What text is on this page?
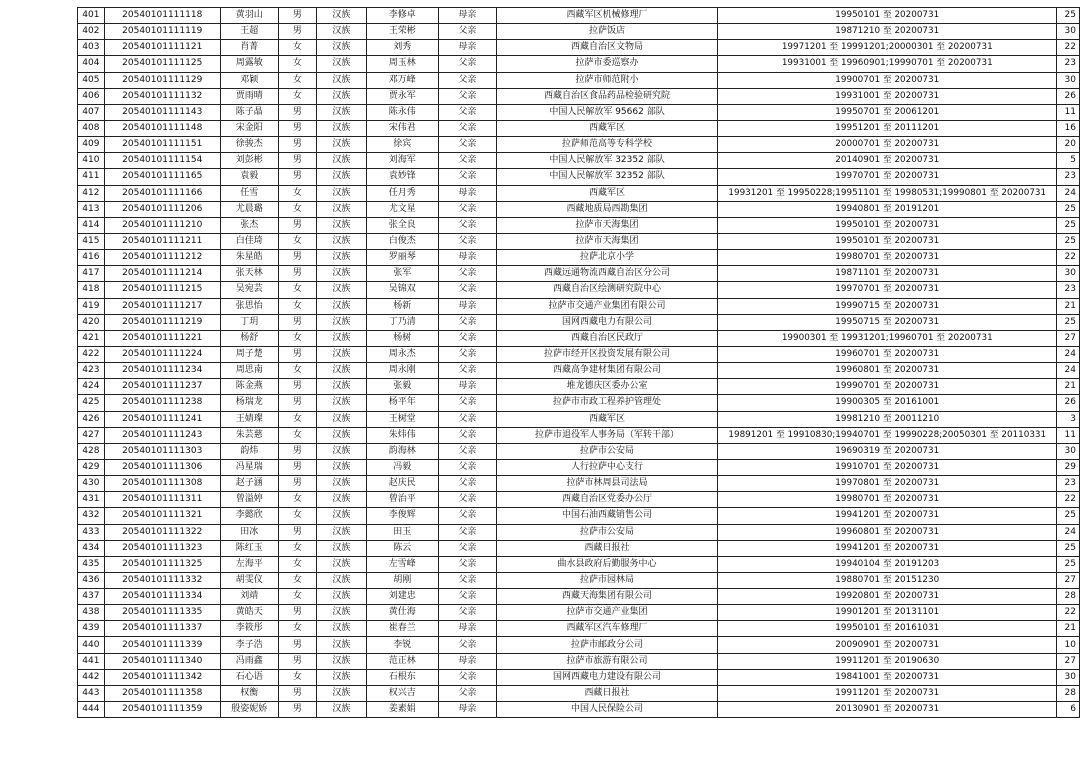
401	20540101111118	黄羽山	男	汉族	李修卓	母亲	西藏军区机械修理厂	19950101 至 20200731	25
402	20540101111119	王超	男	汉族	王荣彬	父亲	拉萨饭店	19871210 至 20200731	30
403	20540101111121	肖菁	女	汉族	刘秀	母亲	西藏自治区文物局	19971201 至 19991201;20000301 至 20200731	22
404	20540101111125	周露敏	女	汉族	周玉林	父亲	拉萨市委巡察办	19931001 至 19960901;19990701 至 20200731	23
405	20540101111129	邓颖	女	汉族	邓万峰	父亲	拉萨市师范附小	19900701 至 20200731	30
406	20540101111132	贾雨晴	女	汉族	贾永军	父亲	西藏自治区食品药品检验研究院	19931001 至 20200731	26
407	20540101111143	陈子晶	男	汉族	陈永伟	父亲	中国人民解放军 95662 部队	19950701 至 20061201	11
408	20540101111148	宋金阳	男	汉族	宋伟君	父亲	西藏军区	19951201 至 20111201	16
409	20540101111151	徐骏杰	男	汉族	徐宾	父亲	拉萨师范高等专科学校	20000701 至 20200731	20
410	20540101111154	刘彭彬	男	汉族	刘海军	父亲	中国人民解放军 32352 部队	20140901 至 20200731	5
411	20540101111165	袁毅	男	汉族	袁妙锋	父亲	中国人民解放军 32352 部队	19970701 至 20200731	23
412	20540101111166	任雪	女	汉族	任月秀	母亲	西藏军区	19931201 至 19950228;19951101 至 19980531;19990801 至 20200731	24
413	20540101111206	尤晨璐	女	汉族	尤文星	父亲	西藏地质局西勘集团	19940801 至 20191201	25
414	20540101111210	张杰	男	汉族	张全良	父亲	拉萨市天海集团	19950101 至 20200731	25
415	20540101111211	白佳琦	女	汉族	白俊杰	父亲	拉萨市天海集团	19950101 至 20200731	25
416	20540101111212	朱星皓	男	汉族	罗丽琴	母亲	拉萨北京小学	19980701 至 20200731	22
417	20540101111214	张天林	男	汉族	张军	父亲	西藏远通物流西藏自治区分公司	19871101 至 20200731	30
418	20540101111215	吴宛芸	女	汉族	吴锦双	父亲	西藏自治区绘测研究院中心	19970701 至 20200731	23
419	20540101111217	张思怡	女	汉族	杨新	母亲	拉萨市交通产业集团有限公司	19990715 至 20200731	21
420	20540101111219	丁玥	男	汉族	丁乃清	父亲	国网西藏电力有限公司	19950715 至 20200731	25
421	20540101111221	杨舒	女	汉族	杨树	父亲	西藏自治区民政厅	19900301 至 19931201;19960701 至 20200731	27
422	20540101111224	周子楚	男	汉族	周永杰	父亲	拉萨市经开区投资发展有限公司	19960701 至 20200731	24
423	20540101111234	周思南	女	汉族	周永刚	父亲	西藏高争建材集团有限公司	19960801 至 20200731	24
424	20540101111237	陈金燕	男	汉族	张毅	母亲	堆龙德庆区委办公室	19990701 至 20200731	21
425	20540101111238	杨瑞龙	男	汉族	杨平年	父亲	拉萨市市政工程养护管理处	19900305 至 20161001	26
426	20540101111241	王婧璨	女	汉族	王树堂	父亲	西藏军区	19981210 至 20011210	3
427	20540101111243	朱芸慈	女	汉族	朱炜伟	父亲	拉萨市退役军人事务局（军转干部）	19891201 至 19910830;19940701 至 19990228;20050301 至 20110331	11
428	20540101111303	韵炜	男	汉族	韵海林	父亲	拉萨市公安局	19690319 至 20200731	30
429	20540101111306	冯星瑞	男	汉族	冯毅	父亲	人行拉萨中心支行	19910701 至 20200731	29
430	20540101111308	赵子涵	男	汉族	赵庆民	父亲	拉萨市林周县司法局	19970801 至 20200731	23
431	20540101111311	曾溢婷	女	汉族	曾治平	父亲	西藏自治区党委办公厅	19980701 至 20200731	22
432	20540101111321	李懿欣	女	汉族	李俊辉	父亲	中国石油西藏销售公司	19941201 至 20200731	25
433	20540101111322	田冰	男	汉族	田玉	父亲	拉萨市公安局	19960801 至 20200731	24
434	20540101111323	陈红玉	女	汉族	陈云	父亲	西藏日报社	19941201 至 20200731	25
435	20540101111325	左海平	女	汉族	左雪峰	父亲	曲水县政府后勤服务中心	19940104 至 20191203	25
436	20540101111332	胡雯仪	女	汉族	胡刚	父亲	拉萨市园林局	19880701 至 20151230	27
437	20540101111334	刘靖	女	汉族	刘建忠	父亲	西藏天海集团有限公司	19920801 至 20200731	28
438	20540101111335	黄皓天	男	汉族	黄仕海	父亲	拉萨市交通产业集团	19901201 至 20131101	22
439	20540101111337	李筱彤	女	汉族	崔春兰	母亲	西藏军区汽车修理厂	19950101 至 20161031	21
440	20540101111339	李子浩	男	汉族	李锐	父亲	拉萨市邮政分公司	20090901 至 20200731	10
441	20540101111340	冯雨鑫	男	汉族	范正林	母亲	拉萨市旅游有限公司	19911201 至 20190630	27
442	20540101111342	石心语	女	汉族	石根东	父亲	国网西藏电力建设有限公司	19841001 至 20200731	30
443	20540101111358	权衡	男	汉族	权兴吉	父亲	西藏日报社	19911201 至 20200731	28
444	20540101111359	殷姿妮娇	男	汉族	姜素娟	母亲	中国人民保险公司	20130901 至 20200731	6
